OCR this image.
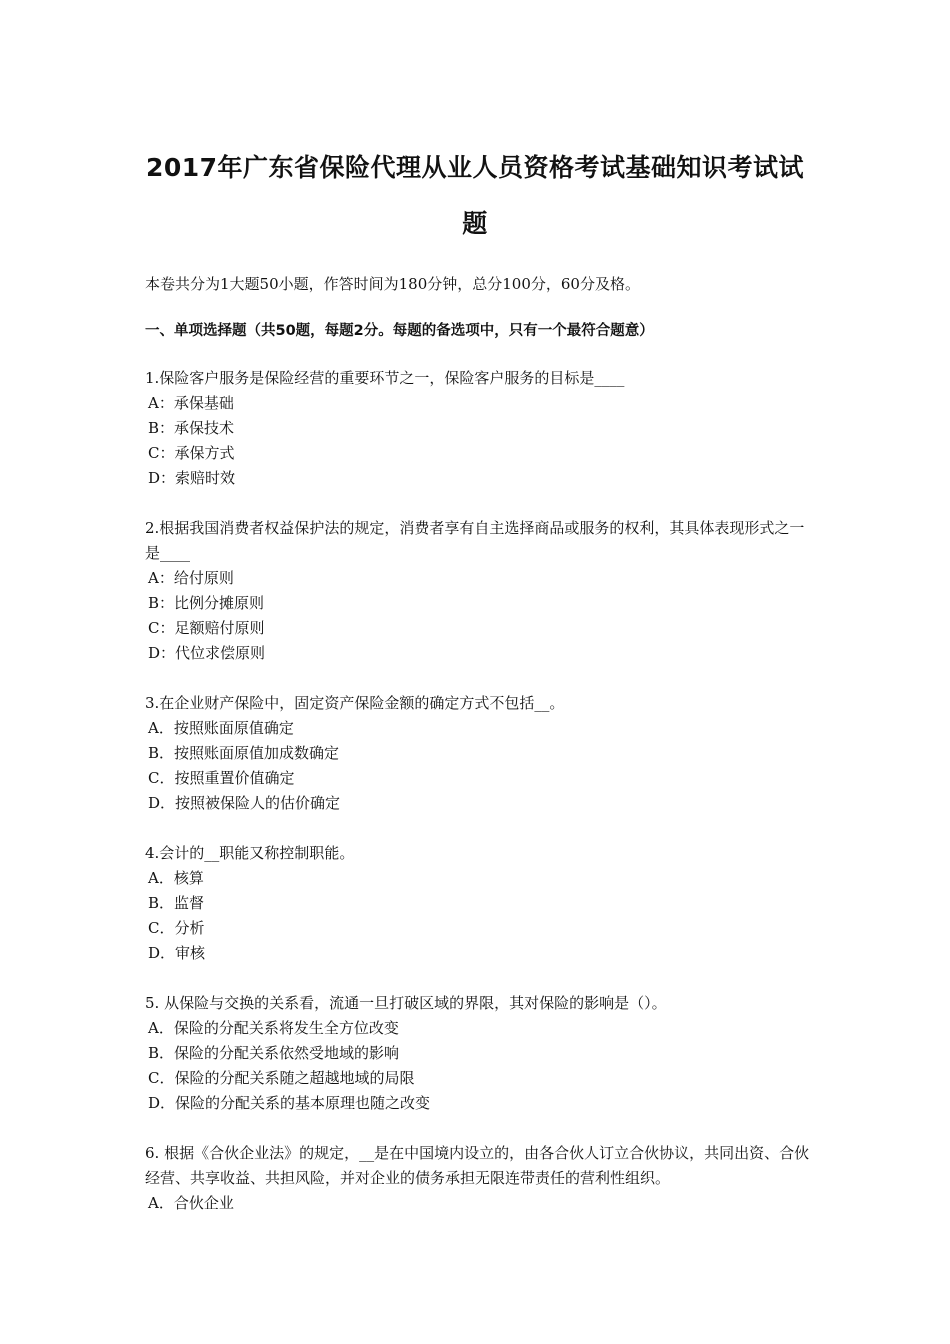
2017年广东省保险代理从业人员资格考试基础知识考试试题

本卷共分为1大题50小题，作答时间为180分钟，总分100分，60分及格。

一、单项选择题（共50题，每题2分。每题的备选项中，只有一个最符合题意）

1.保险客户服务是保险经营的重要环节之一，保险客户服务的目标是____

A：承保基础
B：承保技术
C：承保方式
D：索赔时效

2.根据我国消费者权益保护法的规定，消费者享有自主选择商品或服务的权利，其具体表现形式之一是____

A：给付原则
B：比例分摊原则
C：足额赔付原则
D：代位求偿原则

3.在企业财产保险中，固定资产保险金额的确定方式不包括__。

A．按照账面原值确定
B．按照账面原值加成数确定
C．按照重置价值确定
D．按照被保险人的估价确定

4.会计的__职能又称控制职能。

A．核算
B．监督
C．分析
D．审核

5. 从保险与交换的关系看，流通一旦打破区域的界限，其对保险的影响是（）。

A．保险的分配关系将发生全方位改变
B．保险的分配关系依然受地域的影响
C．保险的分配关系随之超越地域的局限
D．保险的分配关系的基本原理也随之改变

6. 根据《合伙企业法》的规定，__是在中国境内设立的，由各合伙人订立合伙协议，共同出资、合伙经营、共享收益、共担风险，并对企业的债务承担无限连带责任的营利性组织。

A．合伙企业
